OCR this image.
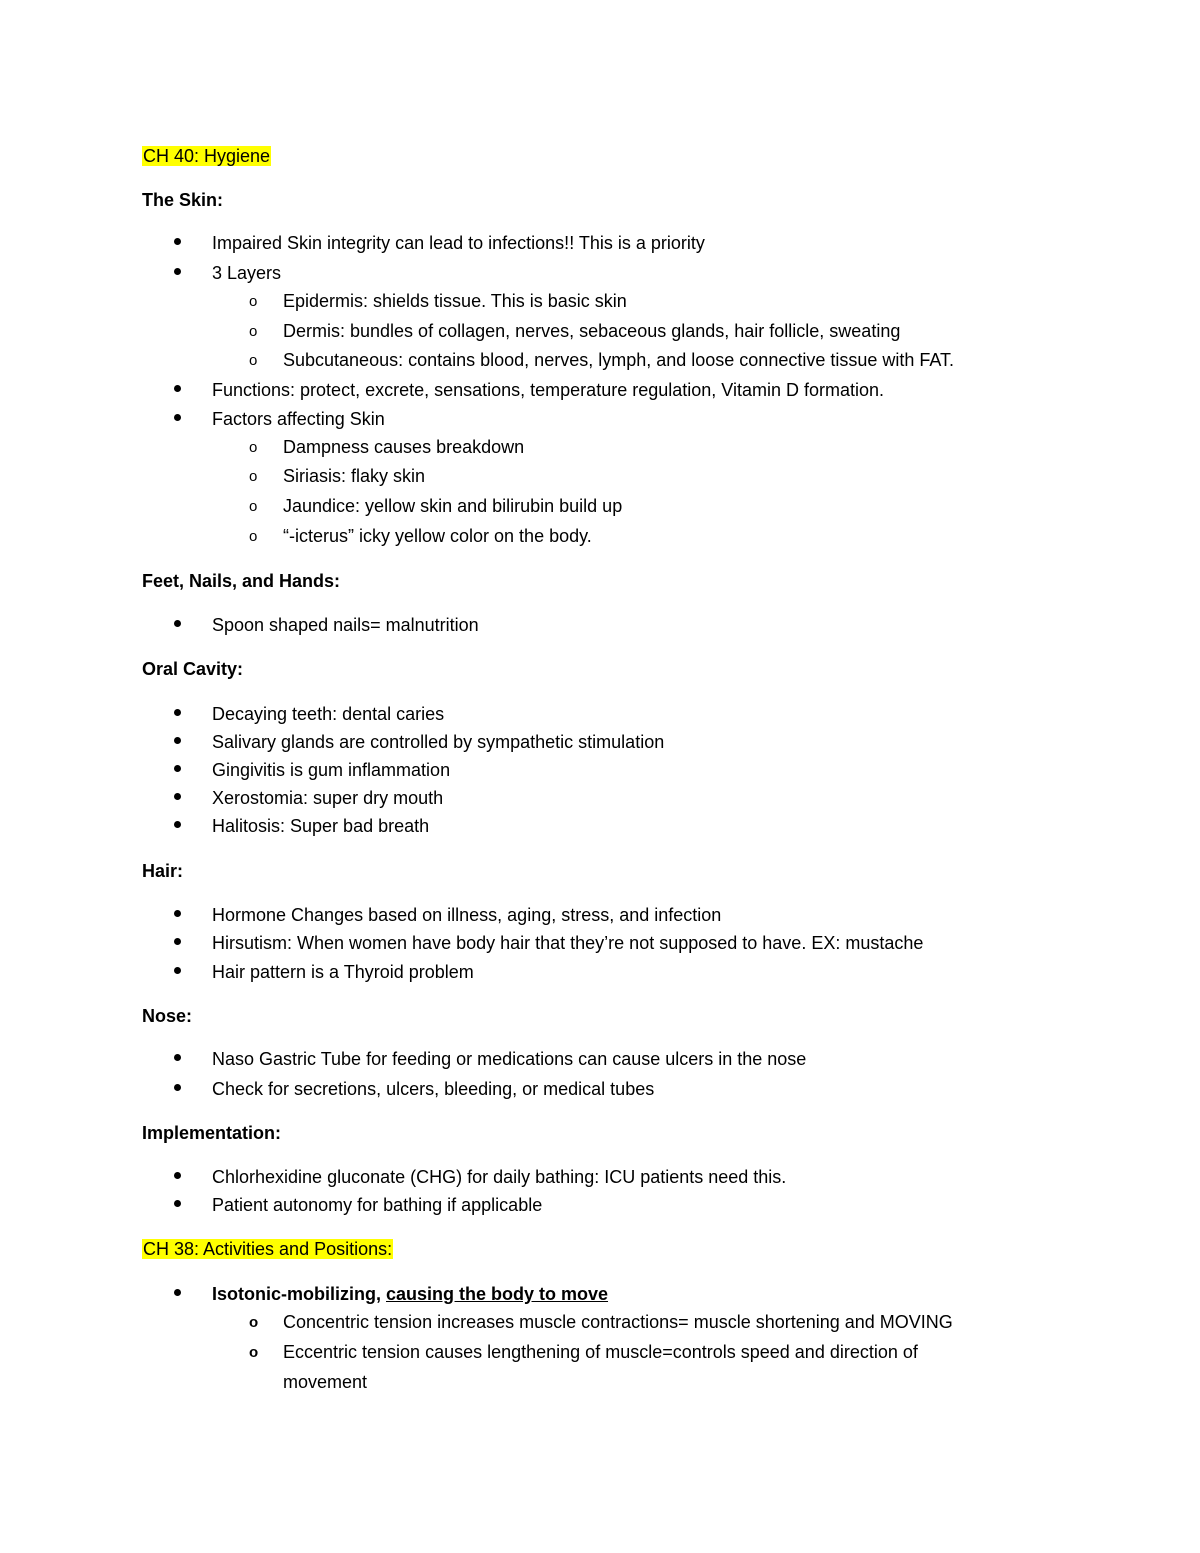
CH 40: Hygiene
The Skin:
Impaired Skin integrity can lead to infections!! This is a priority
3 Layers
o Epidermis: shields tissue. This is basic skin
o Dermis: bundles of collagen, nerves, sebaceous glands, hair follicle, sweating
o Subcutaneous: contains blood, nerves, lymph, and loose connective tissue with FAT.
Functions: protect, excrete, sensations, temperature regulation, Vitamin D formation.
Factors affecting Skin
o Dampness causes breakdown
o Siriasis: flaky skin
o Jaundice: yellow skin and bilirubin build up
o “-icterus” icky yellow color on the body.
Feet, Nails, and Hands:
Spoon shaped nails= malnutrition
Oral Cavity:
Decaying teeth: dental caries
Salivary glands are controlled by sympathetic stimulation
Gingivitis is gum inflammation
Xerostomia: super dry mouth
Halitosis: Super bad breath
Hair:
Hormone Changes based on illness, aging, stress, and infection
Hirsutism: When women have body hair that they’re not supposed to have. EX: mustache
Hair pattern is a Thyroid problem
Nose:
Naso Gastric Tube for feeding or medications can cause ulcers in the nose
Check for secretions, ulcers, bleeding, or medical tubes
Implementation:
Chlorhexidine gluconate (CHG) for daily bathing: ICU patients need this.
Patient autonomy for bathing if applicable
CH 38: Activities and Positions:
Isotonic-mobilizing, causing the body to move
o Concentric tension increases muscle contractions= muscle shortening and MOVING
o Eccentric tension causes lengthening of muscle=controls speed and direction of
movement
